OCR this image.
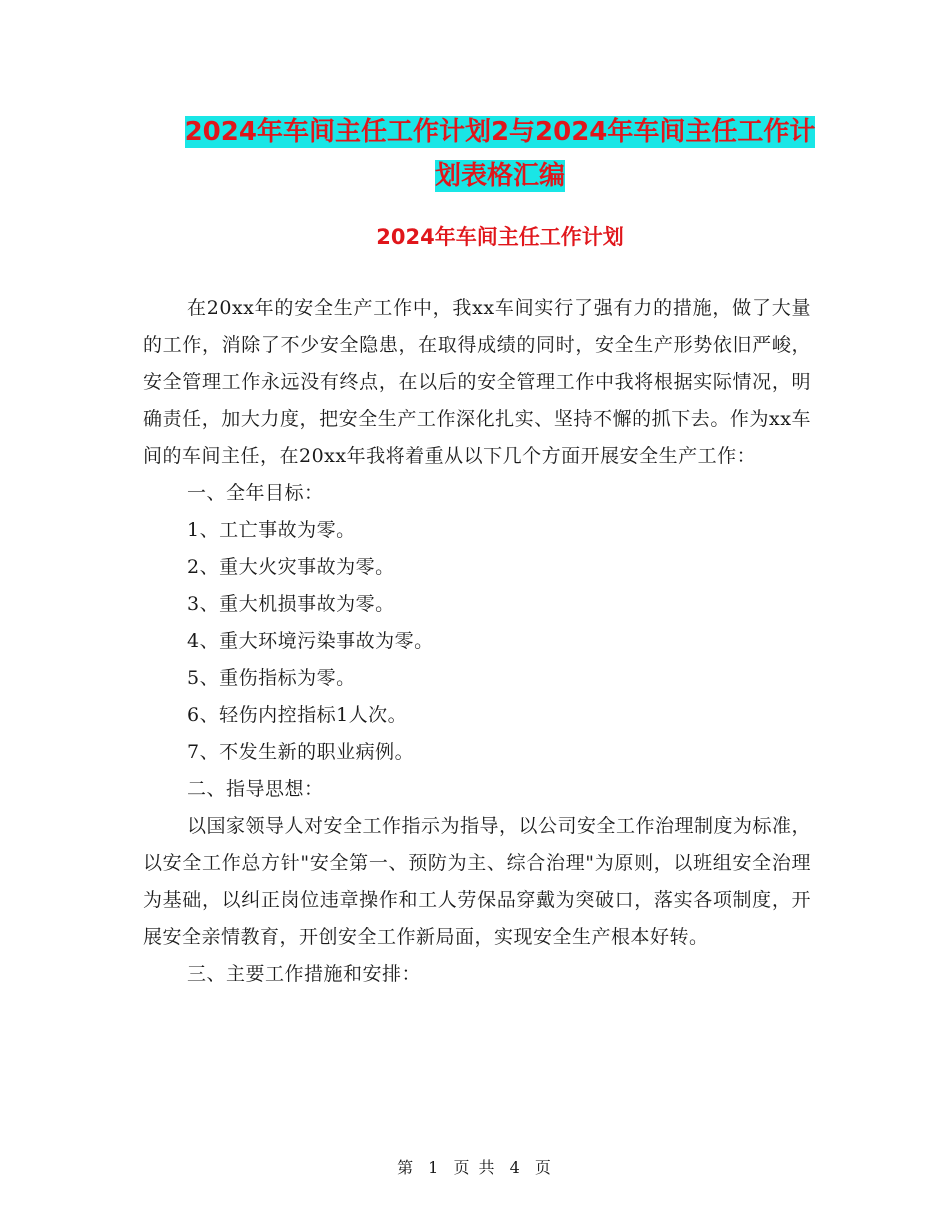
2024年车间主任工作计划2与2024年车间主任工作计
划表格汇编
2024年车间主任工作计划

在20xx年的安全生产工作中，我xx车间实行了强有力的措施，做了大量的工作，消除了不少安全隐患，在取得成绩的同时，安全生产形势依旧严峻，安全管理工作永远没有终点，在以后的安全管理工作中我将根据实际情况，明确责任，加大力度，把安全生产工作深化扎实、坚持不懈的抓下去。作为xx车间的车间主任，在20xx年我将着重从以下几个方面开展安全生产工作：

一、全年目标：

1、工亡事故为零。

2、重大火灾事故为零。

3、重大机损事故为零。

4、重大环境污染事故为零。

5、重伤指标为零。

6、轻伤内控指标1人次。

7、不发生新的职业病例。

二、指导思想：

以国家领导人对安全工作指示为指导，以公司安全工作治理制度为标准，以安全工作总方针"安全第一、预防为主、综合治理"为原则，以班组安全治理为基础，以纠正岗位违章操作和工人劳保品穿戴为突破口，落实各项制度，开展安全亲情教育，开创安全工作新局面，实现安全生产根本好转。

三、主要工作措施和安排：

第 1 页 共 4 页
